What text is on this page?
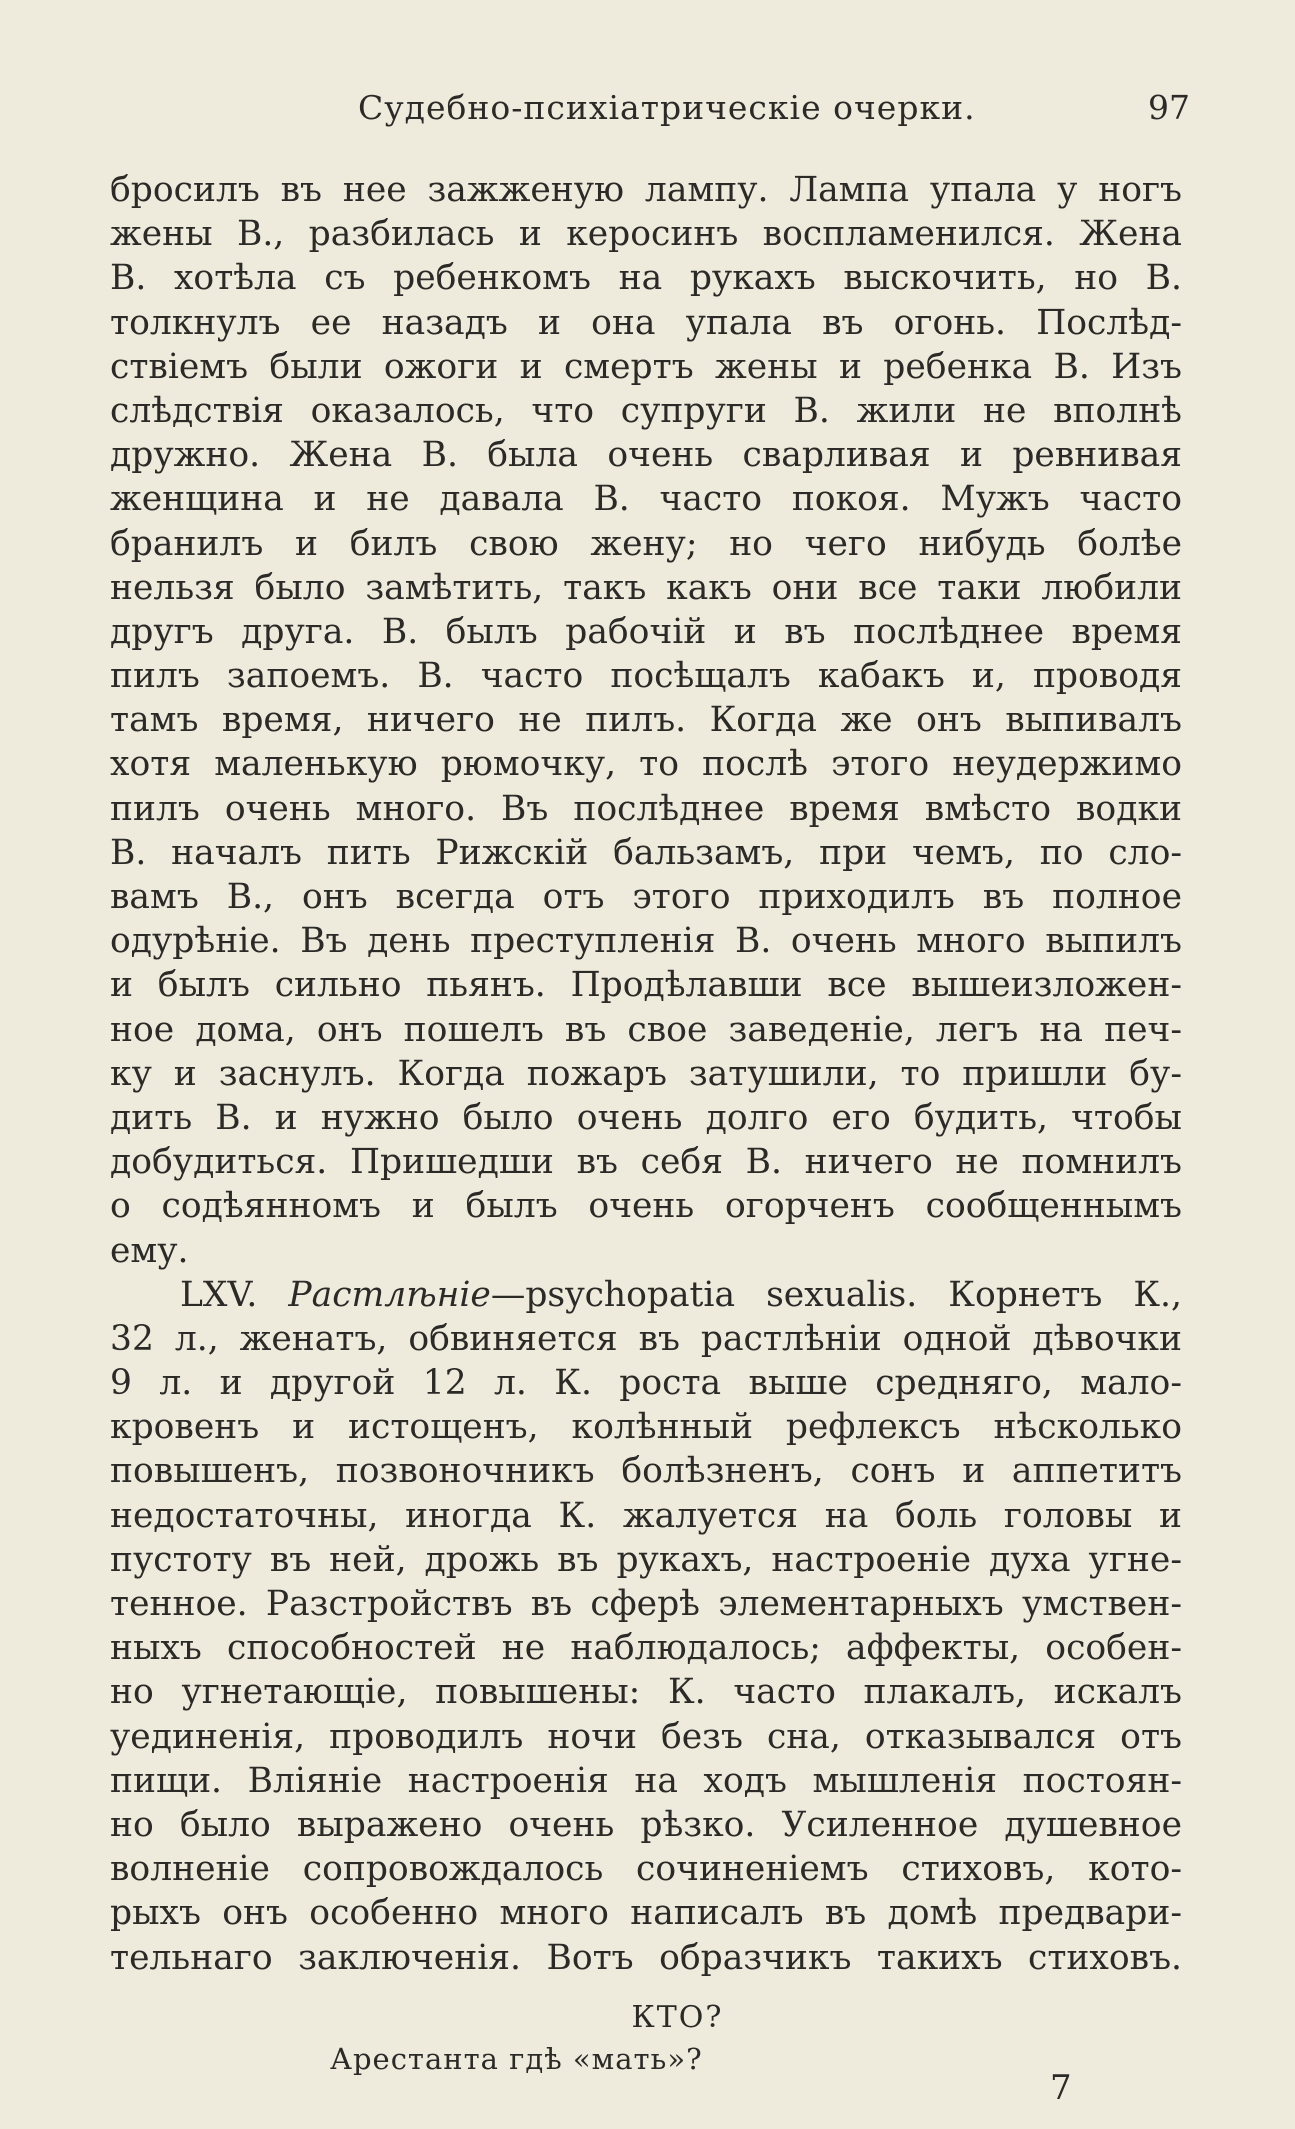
Судебно-психіатрическіе очерки.	97
бросилъ въ нее зажженую лампу. Лампа упала у ногъ
жены В., разбилась и керосинъ воспламенился. Жена
В. хотѣла съ ребенкомъ на рукахъ выскочить, но В.
толкнулъ ее назадъ и она упала въ огонь. Послѣд-
ствіемъ были ожоги и смертъ жены и ребенка В. Изъ
слѣдствія оказалось, что супруги В. жили не вполнѣ
дружно. Жена В. была очень сварливая и ревнивая
женщина и не давала В. часто покоя. Мужъ часто
бранилъ и билъ свою жену; но чего нибудь болѣе
нельзя было замѣтить, такъ какъ они все таки любили
другъ друга. В. былъ рабочій и въ послѣднее время
пилъ запоемъ. В. часто посѣщалъ кабакъ и, проводя
тамъ время, ничего не пилъ. Когда же онъ выпивалъ
хотя маленькую рюмочку, то послѣ этого неудержимо
пилъ очень много. Въ послѣднее время вмѣсто водки
В. началъ пить Рижскій бальзамъ, при чемъ, по сло-
вамъ В., онъ всегда отъ этого приходилъ въ полное
одурѣніе. Въ день преступленія В. очень много выпилъ
и былъ сильно пьянъ. Продѣлавши все вышеизложен-
ное дома, онъ пошелъ въ свое заведеніе, легъ на печ-
ку и заснулъ. Когда пожаръ затушили, то пришли бу-
дить В. и нужно было очень долго его будить, чтобы
добудиться. Пришедши въ себя В. ничего не помнилъ
о содѣянномъ и былъ очень огорченъ сообщеннымъ
ему.
LXV. Растлѣніе—psychopatia sexualis. Корнетъ К.,
32 л., женатъ, обвиняется въ растлѣніи одной дѣвочки
9 л. и другой 12 л. К. роста выше средняго, мало-
кровенъ и истощенъ, колѣнный рефлексъ нѣсколько
повышенъ, позвоночникъ болѣзненъ, сонъ и аппетитъ
недостаточны, иногда К. жалуется на боль головы и
пустоту въ ней, дрожь въ рукахъ, настроеніе духа угне-
тенное. Разстройствъ въ сферѣ элементарныхъ умствен-
ныхъ способностей не наблюдалось; аффекты, особен-
но угнетающіе, повышены: К. часто плакалъ, искалъ
уединенія, проводилъ ночи безъ сна, отказывался отъ
пищи. Вліяніе настроенія на ходъ мышленія постоян-
но было выражено очень рѣзко. Усиленное душевное
волненіе сопровождалось сочиненіемъ стиховъ, кото-
рыхъ онъ особенно много написалъ въ домѣ предвари-
тельнаго заключенія. Вотъ образчикъ такихъ стиховъ.
КТО?
Арестанта гдѣ «мать»?
7
